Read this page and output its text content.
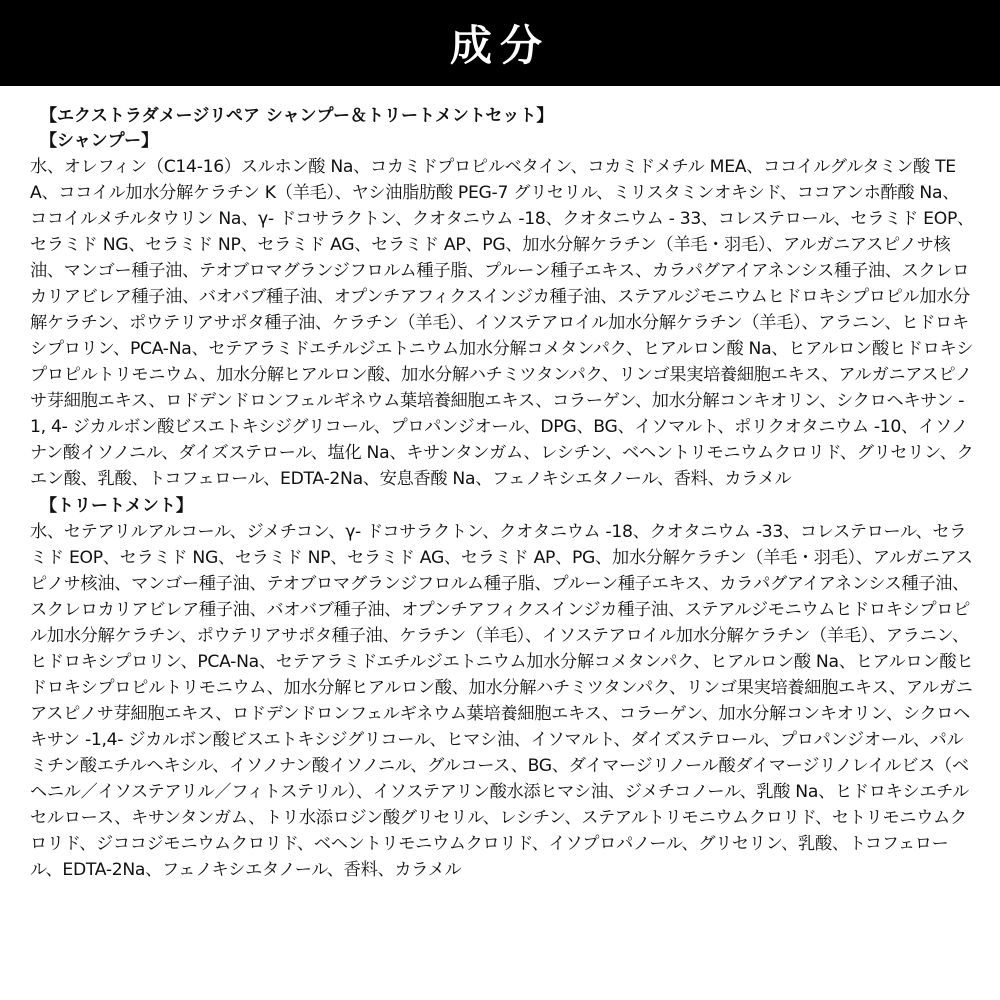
成分
【エクストラダメージリペア シャンプー＆トリートメントセット】
【シャンプー】

水、オレフィン（C14-16）スルホン酸 Na、コカミドプロピルベタイン、コカミドメチル MEA、ココイルグルタミン酸 TEA、ココイル加水分解ケラチン K（羊毛）、ヤシ油脂肪酸 PEG-7 グリセリル、ミリスタミンオキシド、ココアンホ酢酸 Na、ココイルメチルタウリン Na、γ- ドコサラクトン、クオタニウム -18、クオタニウム - 33、コレステロール、セラミド EOP、セラミド NG、セラミド NP、セラミド AG、セラミド AP、PG、加水分解ケラチン（羊毛・羽毛）、アルガニアスピノサ核油、マンゴー種子油、テオブロマグランジフロルム種子脂、プルーン種子エキス、カラパグアイアネンシス種子油、スクレロカリアビレア種子油、バオバブ種子油、オプンチアフィクスインジカ種子油、ステアルジモニウムヒドロキシプロピル加水分解ケラチン、ポウテリアサポタ種子油、ケラチン（羊毛）、イソステアロイル加水分解ケラチン（羊毛）、アラニン、ヒドロキシプロリン、PCA-Na、セテアラミドエチルジエトニウム加水分解コメタンパク、ヒアルロン酸 Na、ヒアルロン酸ヒドロキシプロピルトリモニウム、加水分解ヒアルロン酸、加水分解ハチミツタンパク、リンゴ果実培養細胞エキス、アルガニアスピノサ芽細胞エキス、ロドデンドロンフェルギネウム葉培養細胞エキス、コラーゲン、加水分解コンキオリン、シクロヘキサン -1, 4- ジカルボン酸ビスエトキシジグリコール、プロパンジオール、DPG、BG、イソマルト、ポリクオタニウム -10、イソノナン酸イソノニル、ダイズステロール、塩化 Na、キサンタンガム、レシチン、ベヘントリモニウムクロリド、グリセリン、クエン酸、乳酸、トコフェロール、EDTA-2Na、安息香酸 Na、フェノキシエタノール、香料、カラメル

【トリートメント】

水、セテアリルアルコール、ジメチコン、γ- ドコサラクトン、クオタニウム -18、クオタニウム -33、コレステロール、セラミド EOP、セラミド NG、セラミド NP、セラミド AG、セラミド AP、PG、加水分解ケラチン（羊毛・羽毛）、アルガニアスピノサ核油、マンゴー種子油、テオブロマグランジフロルム種子脂、プルーン種子エキス、カラパグアイアネンシス種子油、スクレロカリアビレア種子油、バオバブ種子油、オプンチアフィクスインジカ種子油、ステアルジモニウムヒドロキシプロピル加水分解ケラチン、ポウテリアサポタ種子油、ケラチン（羊毛）、イソステアロイル加水分解ケラチン（羊毛）、アラニン、ヒドロキシプロリン、PCA-Na、セテアラミドエチルジエトニウム加水分解コメタンパク、ヒアルロン酸 Na、ヒアルロン酸ヒドロキシプロピルトリモニウム、加水分解ヒアルロン酸、加水分解ハチミツタンパク、リンゴ果実培養細胞エキス、アルガニアスピノサ芽細胞エキス、ロドデンドロンフェルギネウム葉培養細胞エキス、コラーゲン、加水分解コンキオリン、シクロヘキサン -1,4- ジカルボン酸ビスエトキシジグリコール、ヒマシ油、イソマルト、ダイズステロール、プロパンジオール、パルミチン酸エチルヘキシル、イソノナン酸イソノニル、グルコース、BG、ダイマージリノール酸ダイマージリノレイルビス（ベヘニル／イソステアリル／フィトステリル）、イソステアリン酸水添ヒマシ油、ジメチコノール、乳酸 Na、ヒドロキシエチルセルロース、キサンタンガム、トリ水添ロジン酸グリセリル、レシチン、ステアルトリモニウムクロリド、セトリモニウムクロリド、ジココジモニウムクロリド、ベヘントリモニウムクロリド、イソプロパノール、グリセリン、乳酸、トコフェロール、EDTA-2Na、フェノキシエタノール、香料、カラメル
